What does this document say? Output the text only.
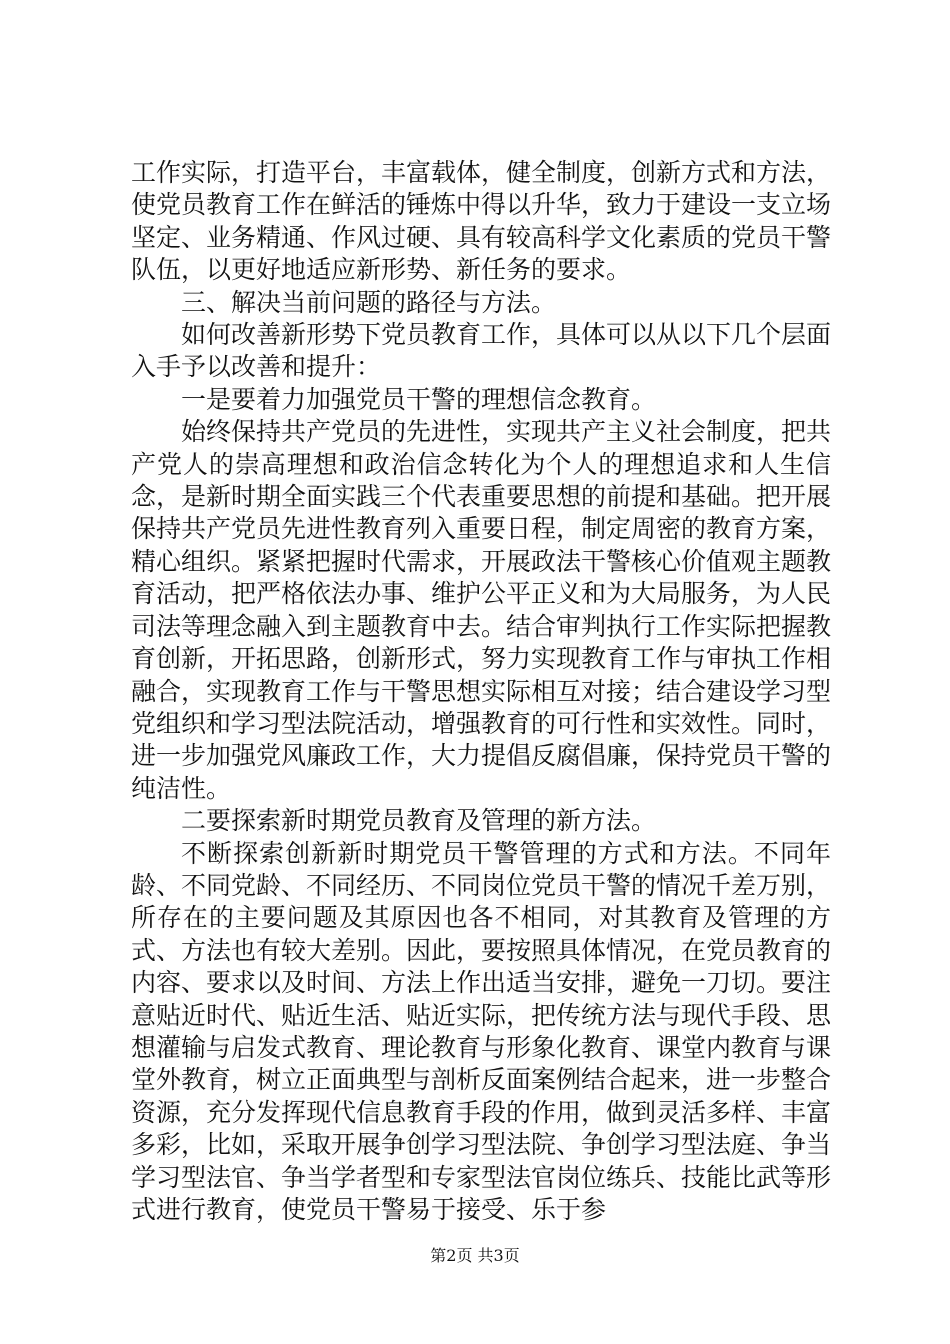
工作实际，打造平台，丰富载体，健全制度，创新方式和方法，使党员教育工作在鲜活的锤炼中得以升华，致力于建设一支立场坚定、业务精通、作风过硬、具有较高科学文化素质的党员干警队伍，以更好地适应新形势、新任务的要求。

三、解决当前问题的路径与方法。

如何改善新形势下党员教育工作，具体可以从以下几个层面入手予以改善和提升：

一是要着力加强党员干警的理想信念教育。

始终保持共产党员的先进性，实现共产主义社会制度，把共产党人的崇高理想和政治信念转化为个人的理想追求和人生信念，是新时期全面实践三个代表重要思想的前提和基础。把开展保持共产党员先进性教育列入重要日程，制定周密的教育方案，精心组织。紧紧把握时代需求，开展政法干警核心价值观主题教育活动，把严格依法办事、维护公平正义和为大局服务，为人民司法等理念融入到主题教育中去。结合审判执行工作实际把握教育创新，开拓思路，创新形式，努力实现教育工作与审执工作相融合，实现教育工作与干警思想实际相互对接；结合建设学习型党组织和学习型法院活动，增强教育的可行性和实效性。同时，进一步加强党风廉政工作，大力提倡反腐倡廉，保持党员干警的纯洁性。

二要探索新时期党员教育及管理的新方法。

不断探索创新新时期党员干警管理的方式和方法。不同年龄、不同党龄、不同经历、不同岗位党员干警的情况千差万别，所存在的主要问题及其原因也各不相同，对其教育及管理的方式、方法也有较大差别。因此，要按照具体情况，在党员教育的内容、要求以及时间、方法上作出适当安排，避免一刀切。要注意贴近时代、贴近生活、贴近实际，把传统方法与现代手段、思想灌输与启发式教育、理论教育与形象化教育、课堂内教育与课堂外教育，树立正面典型与剖析反面案例结合起来，进一步整合资源，充分发挥现代信息教育手段的作用，做到灵活多样、丰富多彩，比如，采取开展争创学习型法院、争创学习型法庭、争当学习型法官、争当学者型和专家型法官岗位练兵、技能比武等形式进行教育，使党员干警易于接受、乐于参

第2页 共3页
